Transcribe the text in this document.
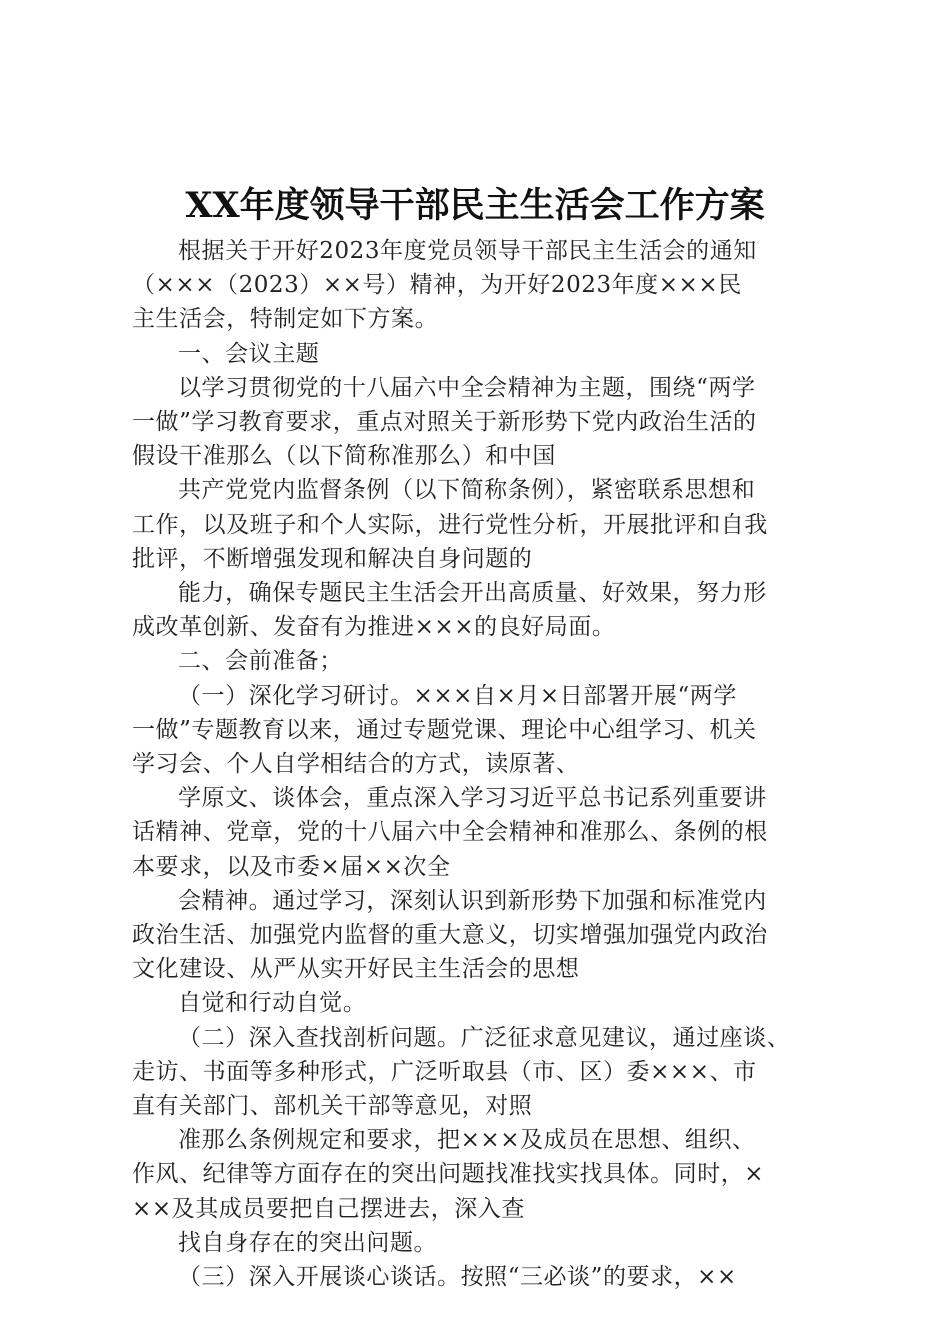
XX年度领导干部民主生活会工作方案

根据关于开好2023年度党员领导干部民主生活会的通知
（×××（2023）××号）精神，为开好2023年度×××民
主生活会，特制定如下方案。

一、会议主题

以学习贯彻党的十八届六中全会精神为主题，围绕“两学
一做”学习教育要求，重点对照关于新形势下党内政治生活的
假设干准那么（以下简称准那么）和中国

共产党党内监督条例（以下简称条例），紧密联系思想和
工作，以及班子和个人实际，进行党性分析，开展批评和自我
批评，不断增强发现和解决自身问题的

能力，确保专题民主生活会开出高质量、好效果，努力形
成改革创新、发奋有为推进×××的良好局面。

二、会前准备；

（一）深化学习研讨。×××自×月×日部署开展“两学
一做”专题教育以来，通过专题党课、理论中心组学习、机关
学习会、个人自学相结合的方式，读原著、

学原文、谈体会，重点深入学习习近平总书记系列重要讲
话精神、党章，党的十八届六中全会精神和准那么、条例的根
本要求，以及市委×届××次全

会精神。通过学习，深刻认识到新形势下加强和标准党内
政治生活、加强党内监督的重大意义，切实增强加强党内政治
文化建设、从严从实开好民主生活会的思想

自觉和行动自觉。

（二）深入查找剖析问题。广泛征求意见建议，通过座谈、
走访、书面等多种形式，广泛听取县（市、区）委×××、市
直有关部门、部机关干部等意见，对照

准那么条例规定和要求，把×××及成员在思想、组织、
作风、纪律等方面存在的突出问题找准找实找具体。同时，×
××及其成员要把自己摆进去，深入查

找自身存在的突出问题。

（三）深入开展谈心谈话。按照“三必谈”的要求，××
